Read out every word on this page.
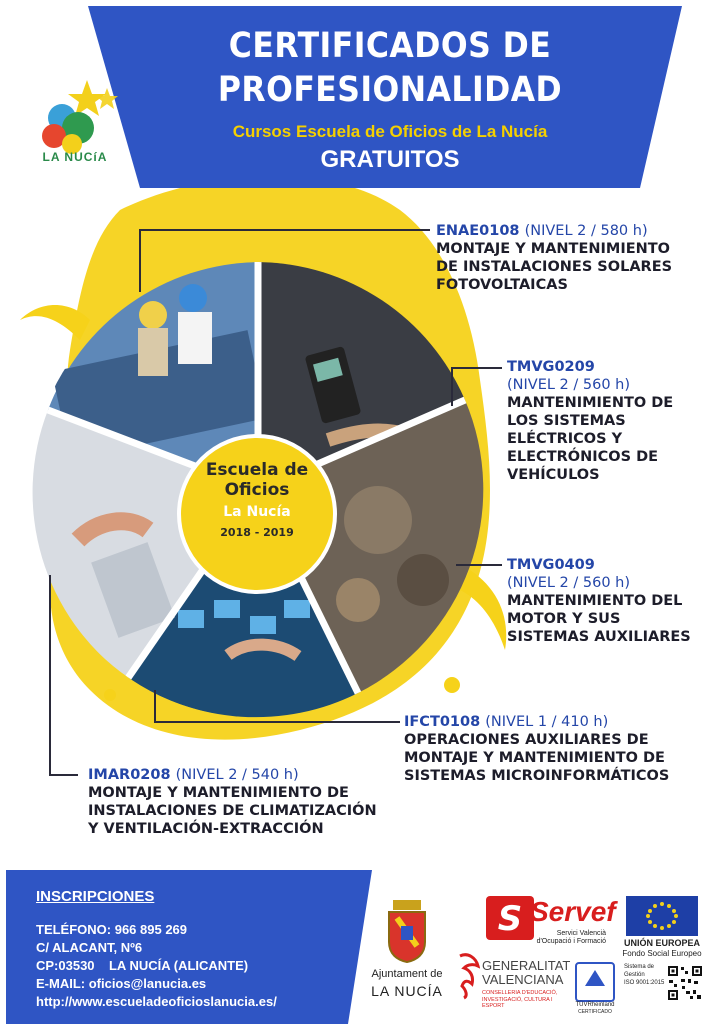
CERTIFICADOS DE
PROFESIONALIDAD
Cursos Escuela de Oficios de La Nucía
GRATUITOS
LA NUCíA
Escuela de
Oficios
La Nucía
2018 - 2019
ENAE0108 (NIVEL 2 / 580 h)
MONTAJE Y MANTENIMIENTO
DE INSTALACIONES SOLARES
FOTOVOLTAICAS
TMVG0209
(NIVEL 2 / 560 h)
MANTENIMIENTO DE
LOS SISTEMAS
ELÉCTRICOS Y
ELECTRÓNICOS DE
VEHÍCULOS
TMVG0409
(NIVEL 2 / 560 h)
MANTENIMIENTO DEL
MOTOR Y SUS
SISTEMAS AUXILIARES
IFCT0108 (NIVEL 1 / 410 h)
OPERACIONES AUXILIARES DE
MONTAJE Y MANTENIMIENTO DE
SISTEMAS MICROINFORMÁTICOS
IMAR0208 (NIVEL 2 / 540 h)
MONTAJE Y MANTENIMIENTO DE
INSTALACIONES DE CLIMATIZACIÓN
Y VENTILACIÓN-EXTRACCIÓN
INSCRIPCIONES
TELÉFONO: 966 895 269
C/ ALACANT, Nº6
CP:03530    LA NUCÍA (ALICANTE)
E-MAIL: oficios@lanucia.es
http://www.escueladeoficioslanucia.es/
Ajuntament de
LA NUCÍA
S Servef
Servici Valencià
d'Ocupació i Formació
GENERALITAT
VALENCIANA
CONSELLERIA D'EDUCACIÓ,
INVESTIGACIÓ, CULTURA I ESPORT	TÜVRheinland
CERTIFICADO
Sistema de
Gestión
ISO 9001:2015
UNIÓN EUROPEA
Fondo Social Europeo
